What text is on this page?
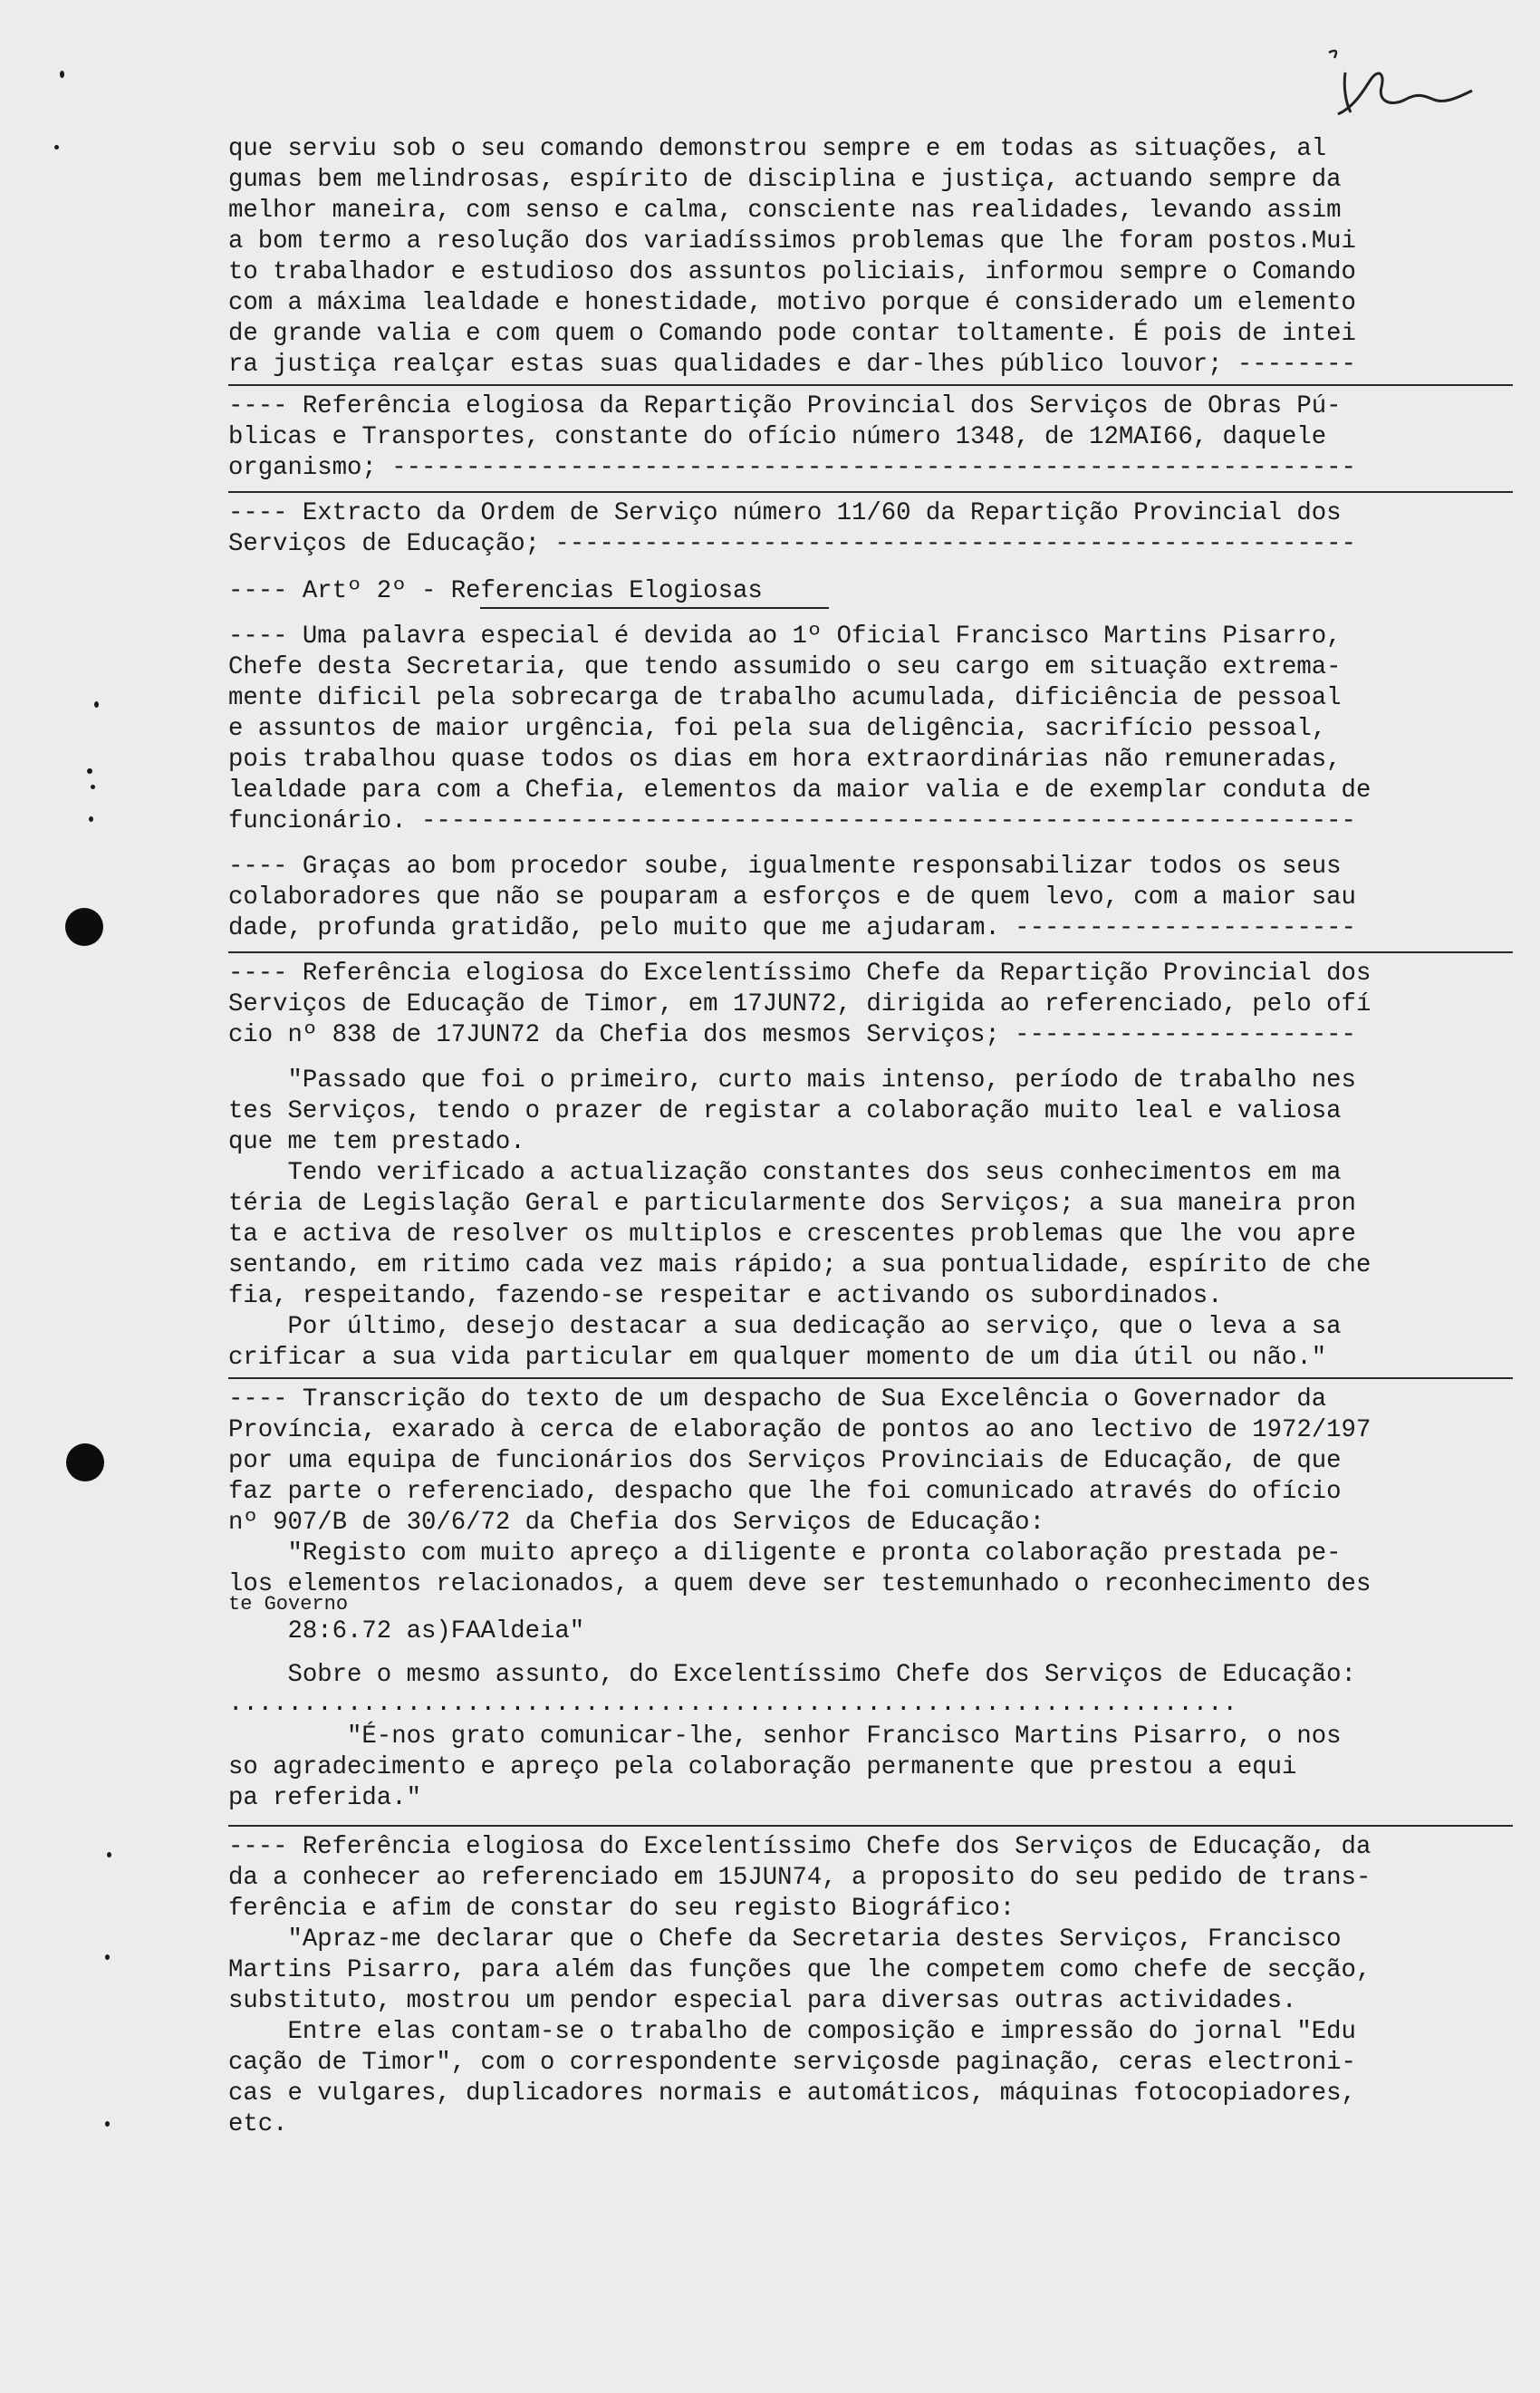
que serviu sob o seu comando demonstrou sempre e em todas as situações, al

gumas bem melindrosas, espírito de disciplina e justiça, actuando sempre da

melhor maneira, com senso e calma, consciente nas realidades, levando assim

a bom termo a resolução dos variadíssimos problemas que lhe foram postos.Mui

to trabalhador e estudioso dos assuntos policiais, informou sempre o Comando

com a máxima lealdade e honestidade, motivo porque é considerado um elemento

de grande valia e com quem o Comando pode contar toltamente. É pois de intei

ra justiça realçar estas suas qualidades e dar-lhes público louvor; --------

---- Referência elogiosa da Repartição Provincial dos Serviços de Obras Pú-

blicas e Transportes, constante do ofício número 1348, de 12MAI66, daquele

organismo; -----------------------------------------------------------------

---- Extracto da Ordem de Serviço número 11/60 da Repartição Provincial dos

Serviços de Educação; ------------------------------------------------------

---- Artº 2º - Referencias Elogiosas

---- Uma palavra especial é devida ao 1º Oficial Francisco Martins Pisarro,

Chefe desta Secretaria, que tendo assumido o seu cargo em situação extrema-

mente dificil pela sobrecarga de trabalho acumulada, dificiência de pessoal

e assuntos de maior urgência, foi pela sua deligência, sacrifício pessoal,

pois trabalhou quase todos os dias em hora extraordinárias não remuneradas,

lealdade para com a Chefia, elementos da maior valia e de exemplar conduta de

funcionário. ---------------------------------------------------------------

---- Graças ao bom procedor soube, igualmente responsabilizar todos os seus

colaboradores que não se pouparam a esforços e de quem levo, com a maior sau

dade, profunda gratidão, pelo muito que me ajudaram. -----------------------

---- Referência elogiosa do Excelentíssimo Chefe da Repartição Provincial dos

Serviços de Educação de Timor, em 17JUN72, dirigida ao referenciado, pelo ofí

cio nº 838 de 17JUN72 da Chefia dos mesmos Serviços; -----------------------

"Passado que foi o primeiro, curto mais intenso, período de trabalho nes

tes Serviços, tendo o prazer de registar a colaboração muito leal e valiosa

que me tem prestado.

Tendo verificado a actualização constantes dos seus conhecimentos em ma

téria de Legislação Geral e particularmente dos Serviços; a sua maneira pron

ta e activa de resolver os multiplos e crescentes problemas que lhe vou apre

sentando, em ritimo cada vez mais rápido; a sua pontualidade, espírito de che

fia, respeitando, fazendo-se respeitar e activando os subordinados.

Por último, desejo destacar a sua dedicação ao serviço, que o leva a sa

crificar a sua vida particular em qualquer momento de um dia útil ou não."

---- Transcrição do texto de um despacho de Sua Excelência o Governador da

Província, exarado à cerca de elaboração de pontos ao ano lectivo de 1972/197

por uma equipa de funcionários dos Serviços Provinciais de Educação, de que

faz parte o referenciado, despacho que lhe foi comunicado através do ofício

nº 907/B de 30/6/72 da Chefia dos Serviços de Educação:

"Registo com muito apreço a diligente e pronta colaboração prestada pe-

los elementos relacionados, a quem deve ser testemunhado o reconhecimento des

te Governo

28:6.72 as)FAAldeia"

Sobre o mesmo assunto, do Excelentíssimo Chefe dos Serviços de Educação:

....................................................................

"É-nos grato comunicar-lhe, senhor Francisco Martins Pisarro, o nos

so agradecimento e apreço pela colaboração permanente que prestou a equi

pa referida."

---- Referência elogiosa do Excelentíssimo Chefe dos Serviços de Educação, da

da a conhecer ao referenciado em 15JUN74, a proposito do seu pedido de trans-

ferência e afim de constar do seu registo Biográfico:

"Apraz-me declarar que o Chefe da Secretaria destes Serviços, Francisco

Martins Pisarro, para além das funções que lhe competem como chefe de secção,

substituto, mostrou um pendor especial para diversas outras actividades.

Entre elas contam-se o trabalho de composição e impressão do jornal "Edu

cação de Timor", com o correspondente serviçosde paginação, ceras electroni-

cas e vulgares, duplicadores normais e automáticos, máquinas fotocopiadores,

etc.
